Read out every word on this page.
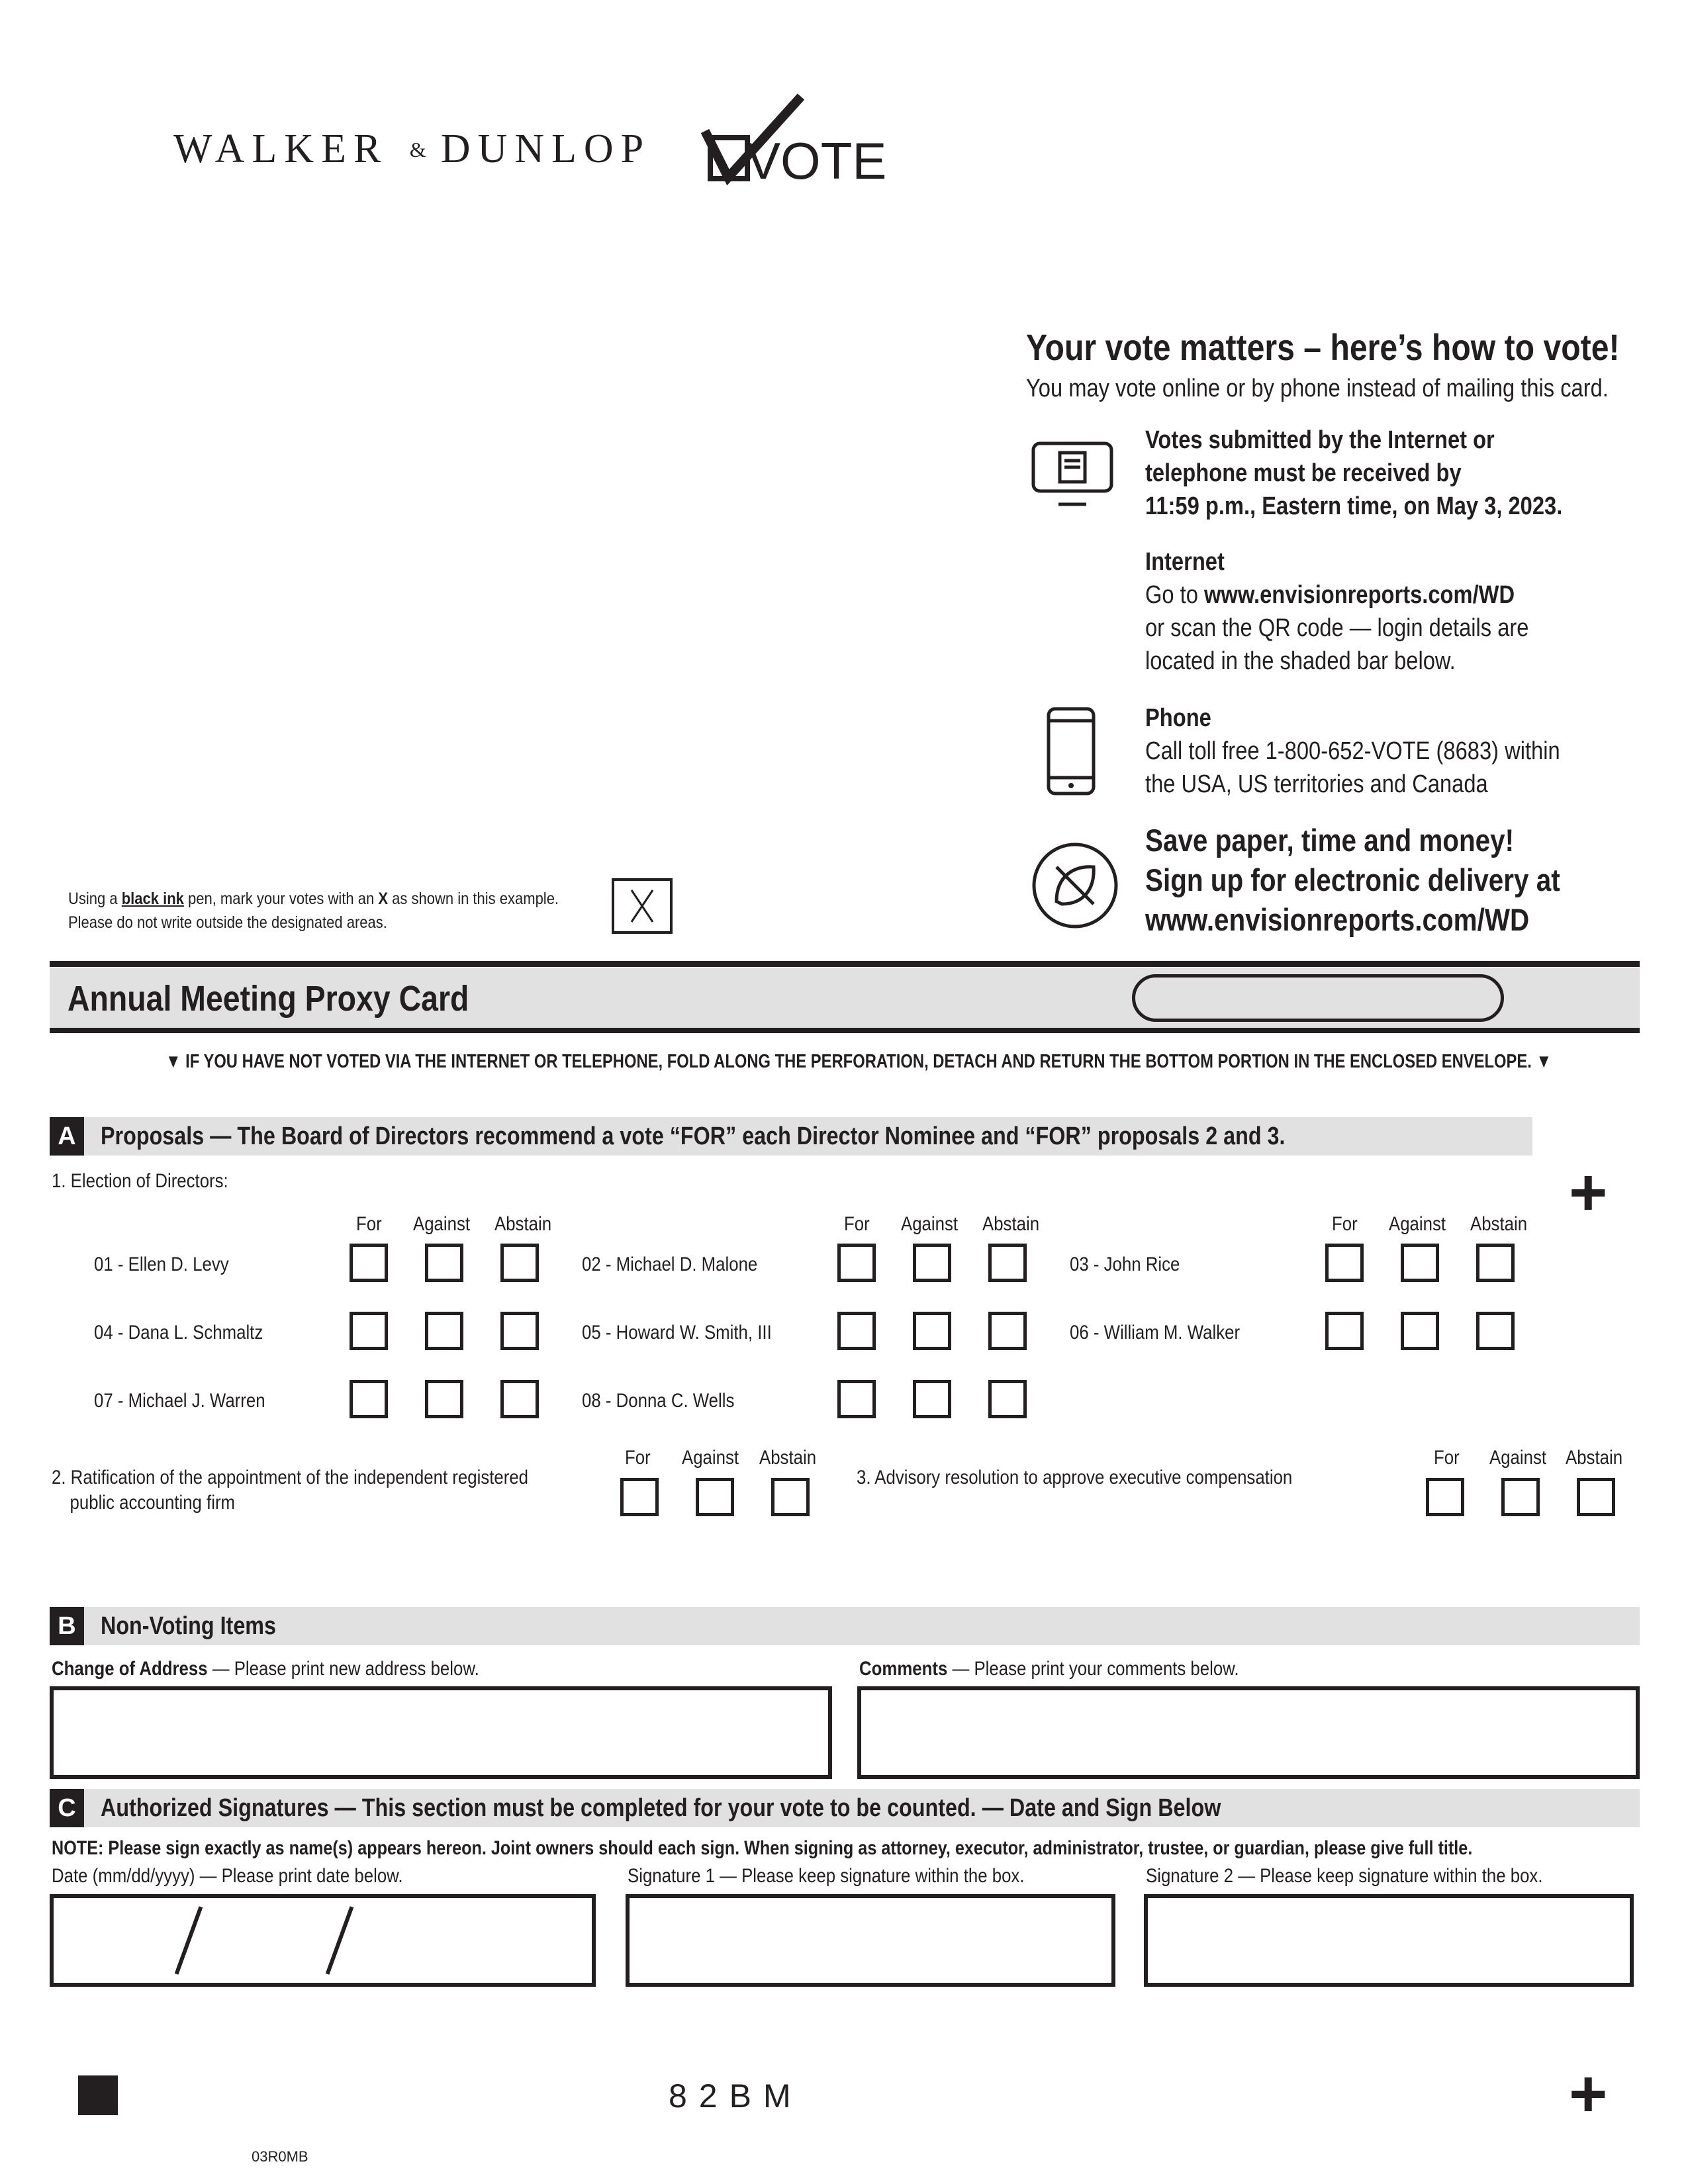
WALKER & DUNLOP VOTE
Your vote matters – here’s how to vote!
You may vote online or by phone instead of mailing this card.
Votes submitted by the Internet or
telephone must be received by
11:59 p.m., Eastern time, on May 3, 2023.
Internet
Go to www.envisionreports.com/WD
or scan the QR code — login details are
located in the shaded bar below.
Phone
Call toll free 1-800-652-VOTE (8683) within
the USA, US territories and Canada
Save paper, time and money!
Sign up for electronic delivery at
www.envisionreports.com/WD
Using a black ink pen, mark your votes with an X as shown in this example.
Please do not write outside the designated areas.
Annual Meeting Proxy Card
▼ IF YOU HAVE NOT VOTED VIA THE INTERNET OR TELEPHONE, FOLD ALONG THE PERFORATION, DETACH AND RETURN THE BOTTOM PORTION IN THE ENCLOSED ENVELOPE. ▼
A Proposals — The Board of Directors recommend a vote “FOR” each Director Nominee and “FOR” proposals 2 and 3.
1. Election of Directors:	+
For Against Abstain	For Against Abstain	For Against Abstain
01 - Ellen D. Levy	02 - Michael D. Malone	03 - John Rice
04 - Dana L. Schmaltz	05 - Howard W. Smith, III	06 - William M. Walker
07 - Michael J. Warren	08 - Donna C. Wells
For Against Abstain
2. Ratification of the appointment of the independent registered
public accounting firm
3. Advisory resolution to approve executive compensation
For Against Abstain
B Non-Voting Items
Change of Address — Please print new address below.	Comments — Please print your comments below.
C Authorized Signatures — This section must be completed for your vote to be counted. — Date and Sign Below
NOTE: Please sign exactly as name(s) appears hereon. Joint owners should each sign. When signing as attorney, executor, administrator, trustee, or guardian, please give full title.
Date (mm/dd/yyyy) — Please print date below.	Signature 1 — Please keep signature within the box.	Signature 2 — Please keep signature within the box.
82BM	+
03R0MB
